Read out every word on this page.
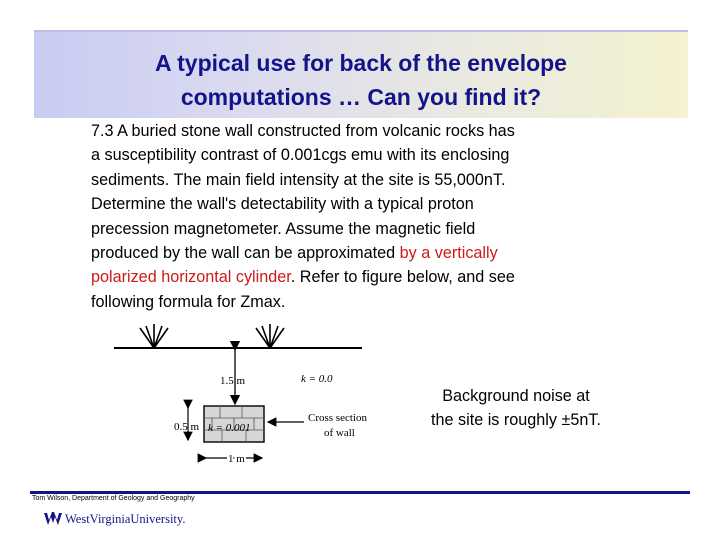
A typical use for back of the envelope
computations … Can you find it?
7.3 A buried stone wall constructed from volcanic rocks has
a susceptibility contrast of 0.001cgs emu with its enclosing
sediments. The main field intensity at the site is 55,000nT.
Determine the wall's detectability with a typical proton
precession magnetometer. Assume the magnetic field
produced by the wall can be approximated by a vertically
polarized horizontal cylinder. Refer to figure below, and see
following formula for Zmax.
1.5 m	k = 0.0
k = 0.001
0.5 m
Cross section
of wall
1 m
Background noise at
the site is roughly ±5nT.
Tom Wilson, Department of Geology and Geography
WestVirginiaUniversity.
